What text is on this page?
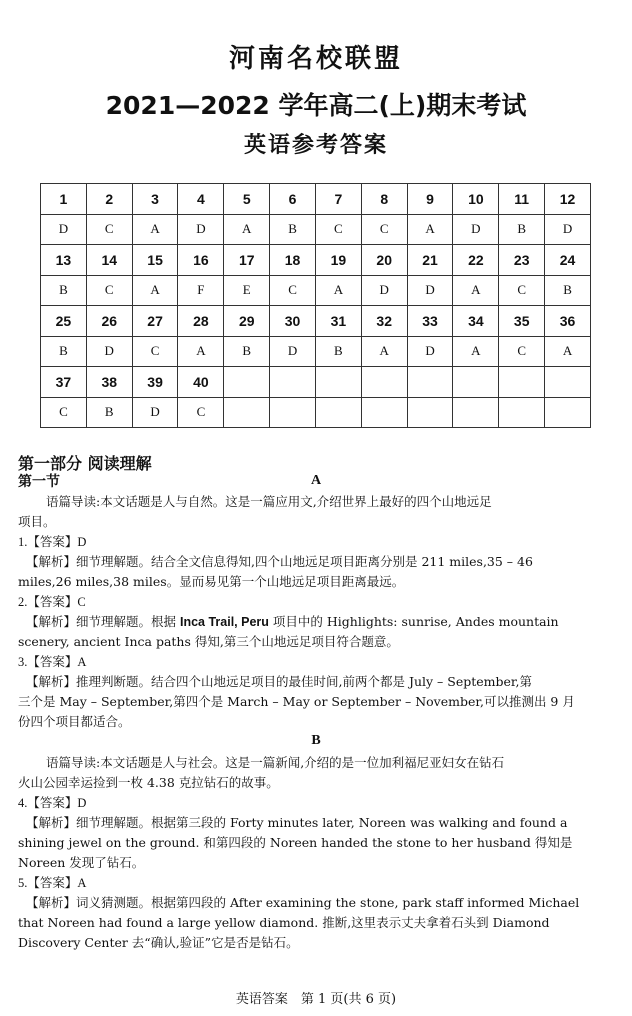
河南名校联盟
2021—2022 学年高二(上)期末考试
英语参考答案
1	2	3	4	5	6	7	8	9	10	11	12
D	C	A	D	A	B	C	C	A	D	B	D
13	14	15	16	17	18	19	20	21	22	23	24
B	C	A	F	E	C	A	D	D	A	C	B
25	26	27	28	29	30	31	32	33	34	35	36
B	D	C	A	B	D	B	A	D	A	C	A
37	38	39	40								
C	B	D	C								
第一部分 阅读理解
第一节	A
语篇导读:本文话题是人与自然。这是一篇应用文,介绍世界上最好的四个山地远足
项目。
1.【答案】D
【解析】细节理解题。结合全文信息得知,四个山地远足项目距离分别是 211 miles,35 – 46
miles,26 miles,38 miles。显而易见第一个山地远足项目距离最远。
2.【答案】C
【解析】细节理解题。根据 Inca Trail, Peru 项目中的 Highlights: sunrise, Andes mountain
scenery, ancient Inca paths 得知,第三个山地远足项目符合题意。
3.【答案】A
【解析】推理判断题。结合四个山地远足项目的最佳时间,前两个都是 July – September,第
三个是 May – September,第四个是 March – May or September – November,可以推测出 9 月
份四个项目都适合。
B
语篇导读:本文话题是人与社会。这是一篇新闻,介绍的是一位加利福尼亚妇女在钻石
火山公园幸运捡到一枚 4.38 克拉钻石的故事。
4.【答案】D
【解析】细节理解题。根据第三段的 Forty minutes later, Noreen was walking and found a
shining jewel on the ground. 和第四段的 Noreen handed the stone to her husband 得知是
Noreen 发现了钻石。
5.【答案】A
【解析】词义猜测题。根据第四段的 After examining the stone, park staff informed Michael
that Noreen had found a large yellow diamond. 推断,这里表示丈夫拿着石头到 Diamond
Discovery Center 去“确认,验证”它是否是钻石。
英语答案　第 1 页(共 6 页)
